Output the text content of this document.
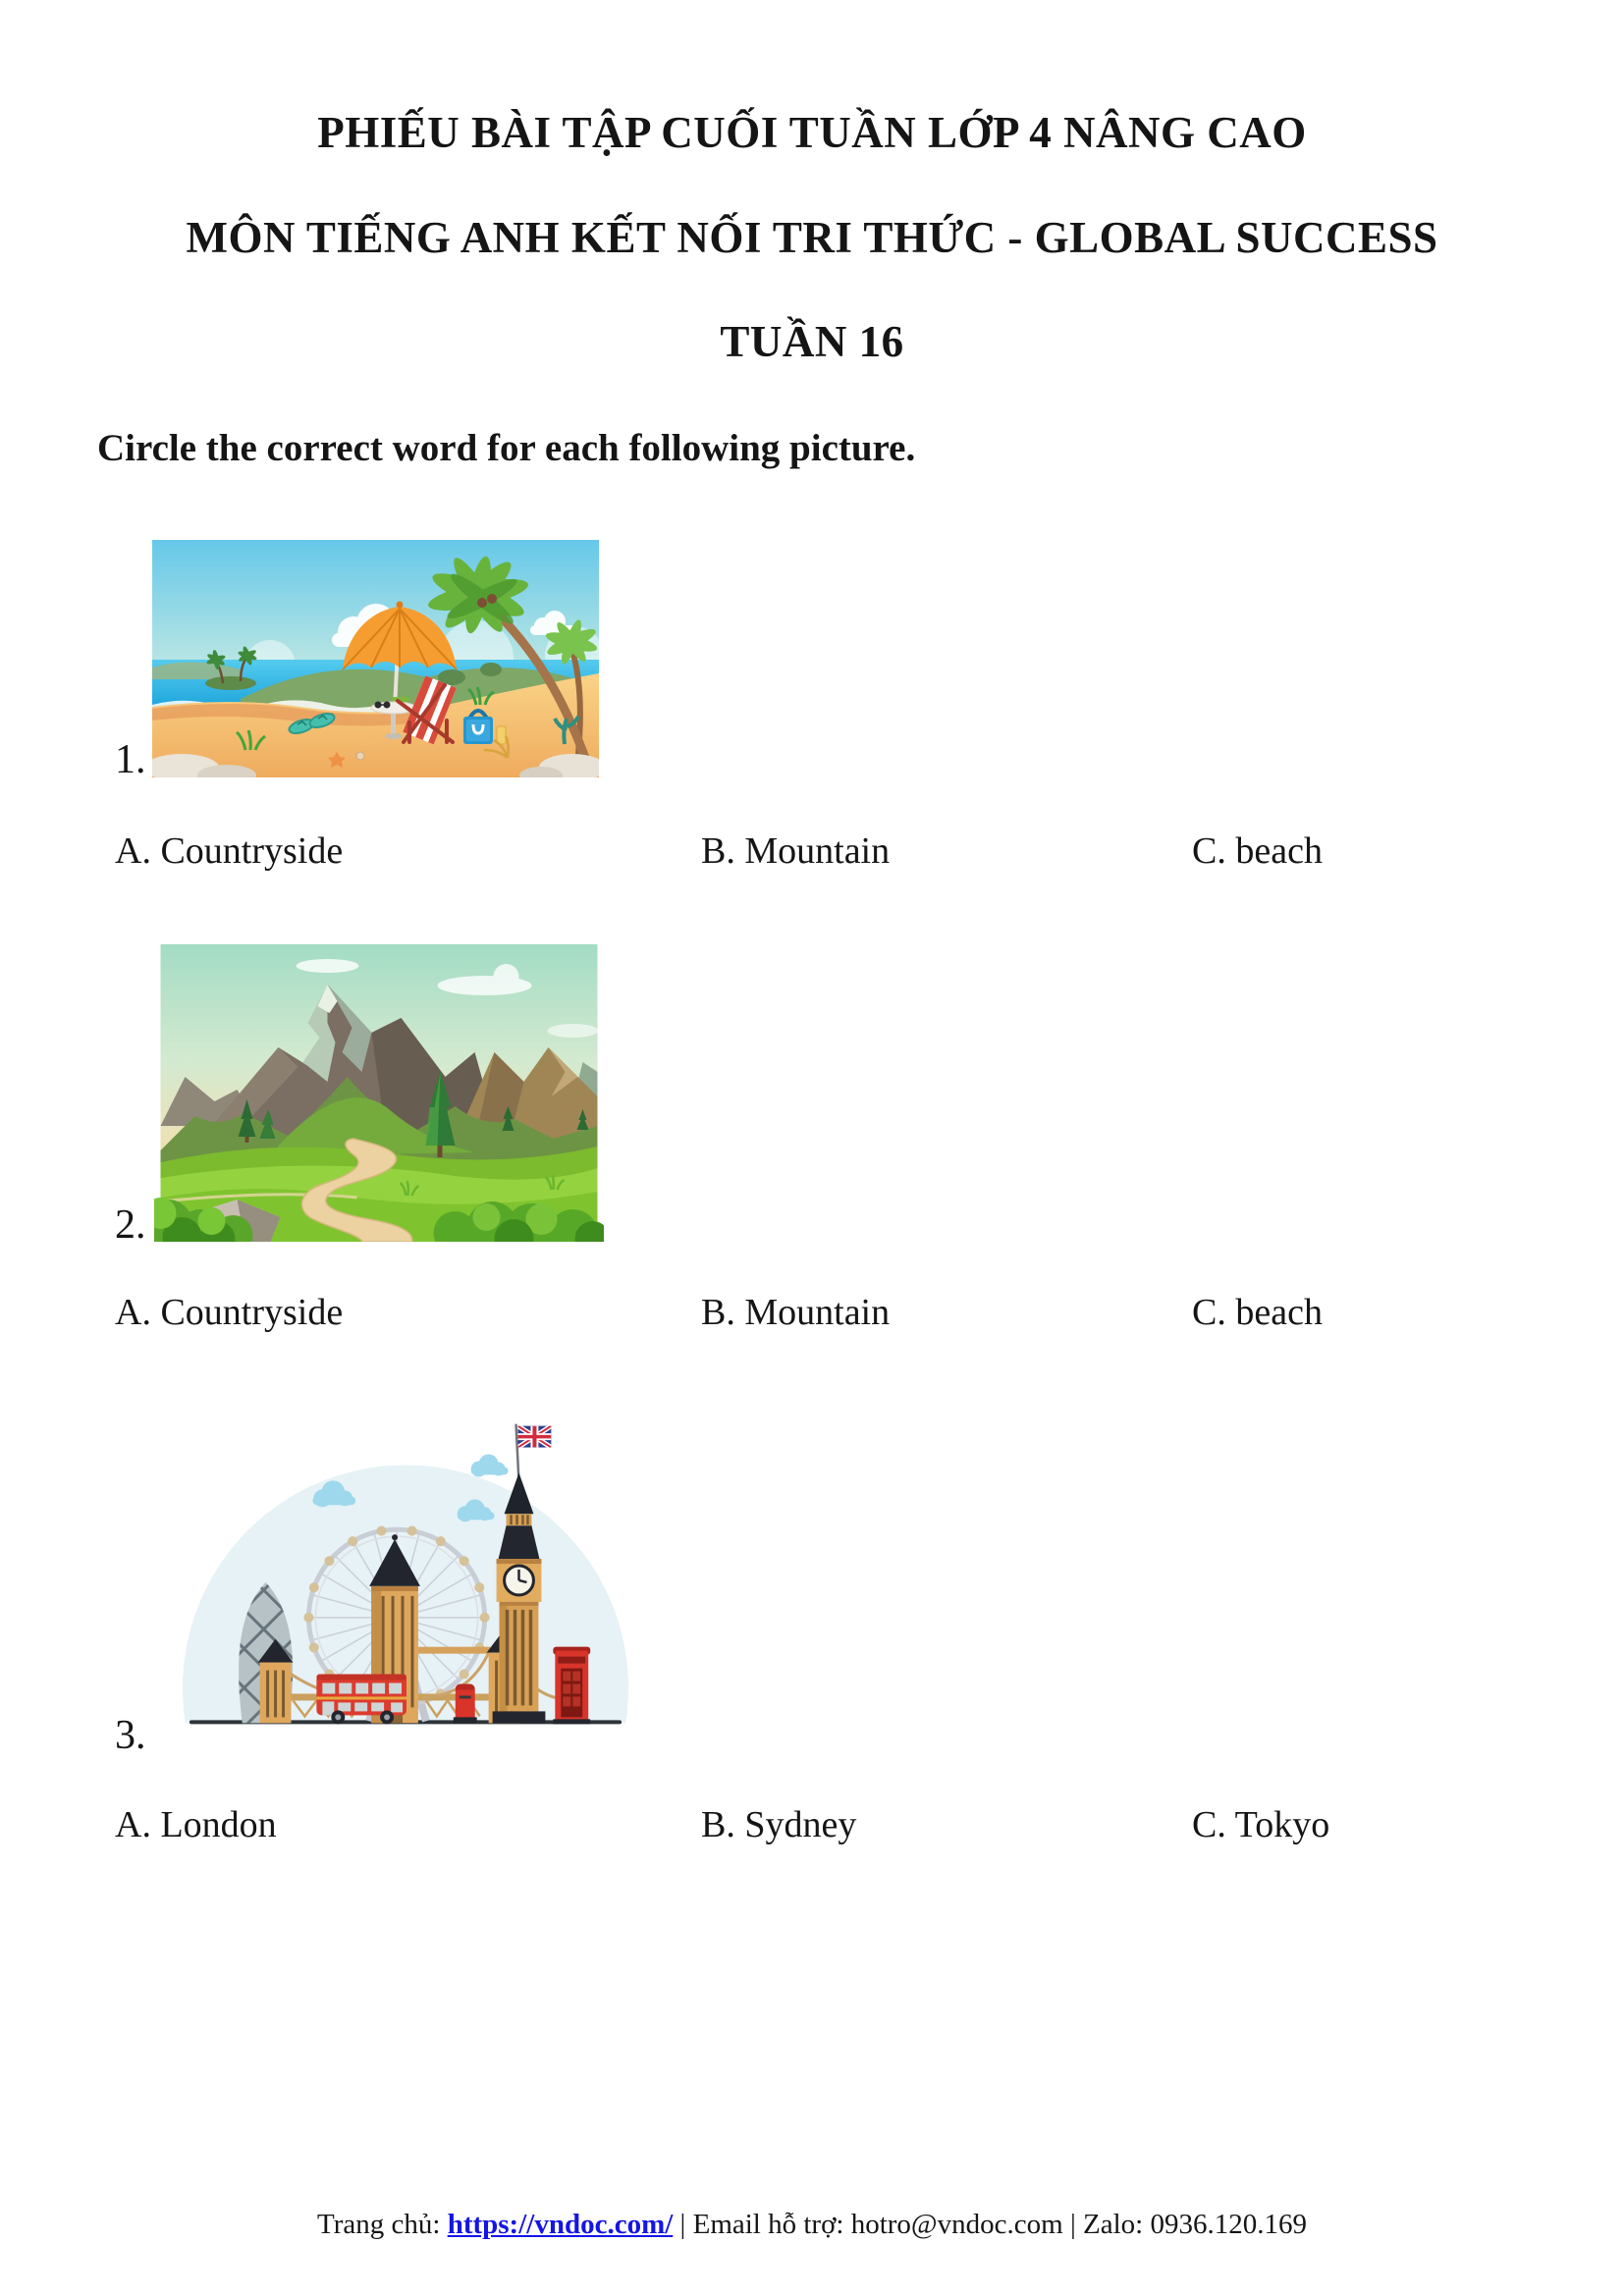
PHIẾU BÀI TẬP CUỐI TUẦN LỚP 4 NÂNG CAO
MÔN TIẾNG ANH KẾT NỐI TRI THỨC - GLOBAL SUCCESS
TUẦN 16

Circle the correct word for each following picture.

1.
A. Countryside	B. Mountain	C. beach
2.
A. Countryside	B. Mountain	C. beach
3.
A. London	B. Sydney	C. Tokyo
Trang chủ: https://vndoc.com/ | Email hỗ trợ: hotro@vndoc.com | Zalo: 0936.120.169
